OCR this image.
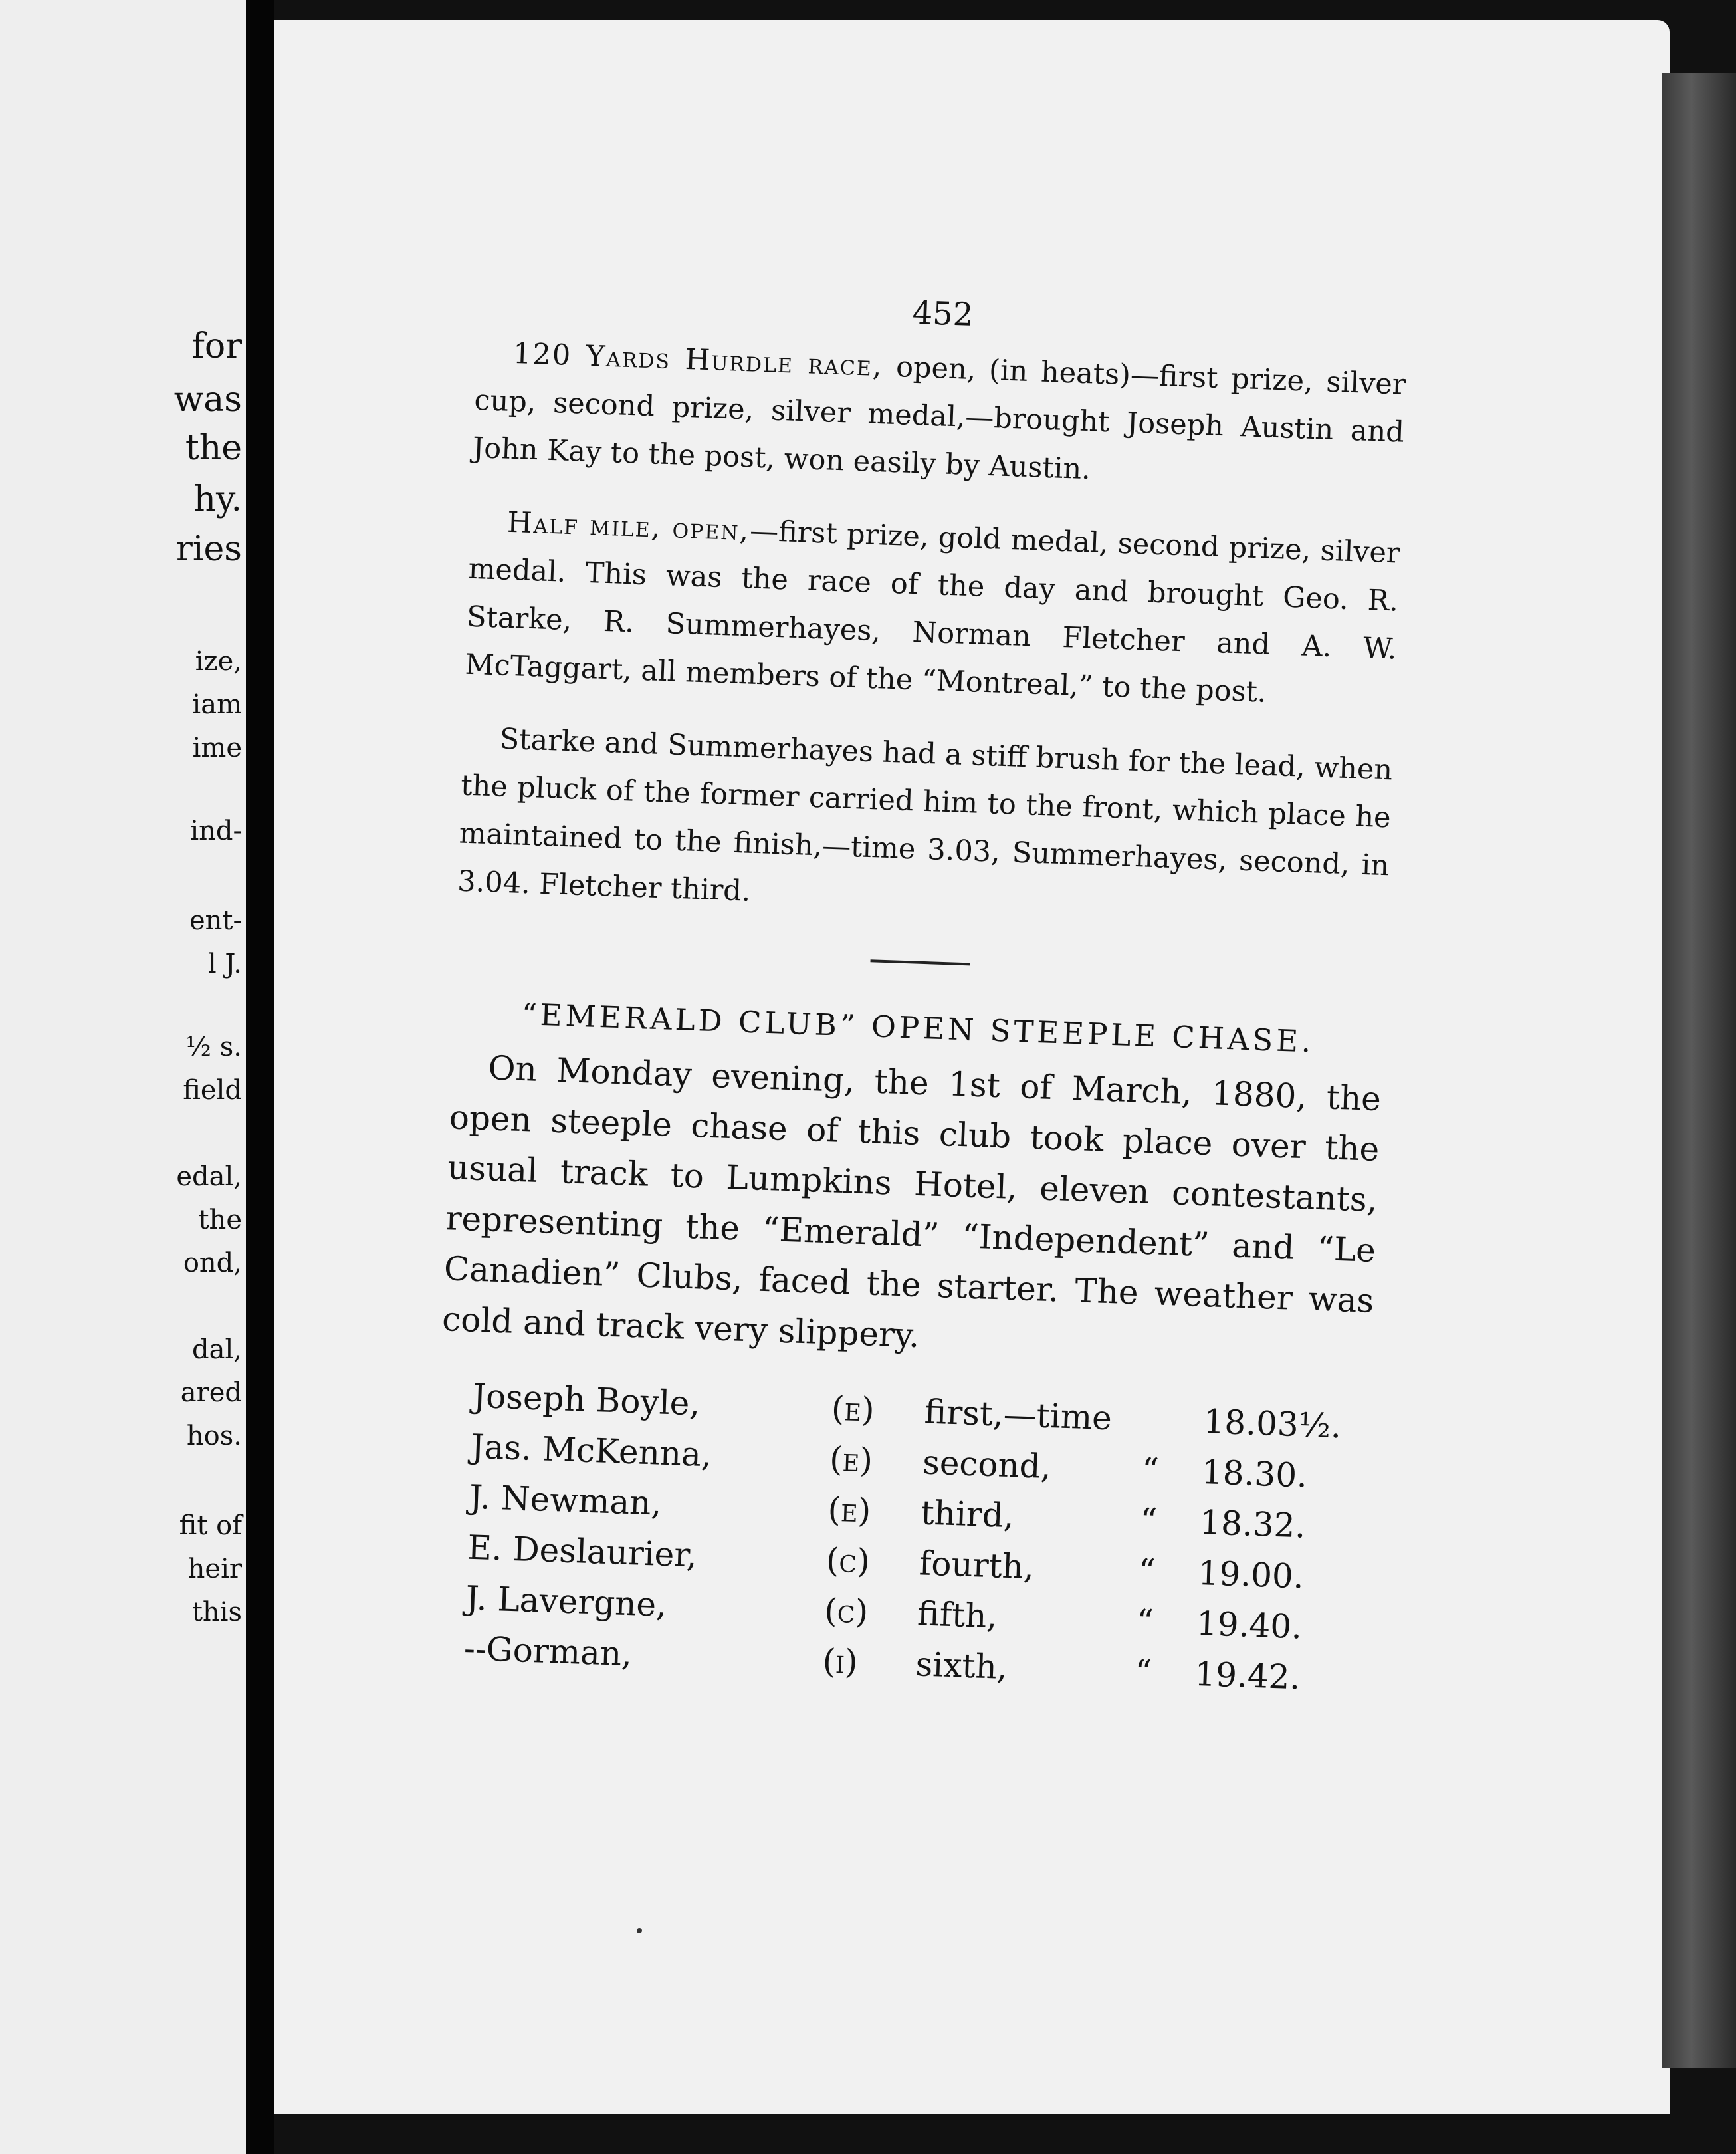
for
was
the
hy.
ries
ize,
iam
ime
ind-
ent-
l J.
½ s.
field
edal,
the
ond,
dal,
ared
hos.
fit of
heir
this
452

120 Yards Hurdle race, open, (in heats)—first prize, silver cup, second prize, silver medal,—brought Joseph Austin and John Kay to the post, won easily by Austin.

Half mile, open,—first prize, gold medal, second prize, silver medal. This was the race of the day and brought Geo. R. Starke, R. Summerhayes, Norman Fletcher and A. W. McTaggart, all members of the “Montreal,” to the post.

Starke and Summerhayes had a stiff brush for the lead, when the pluck of the former carried him to the front, which place he maintained to the finish,—time 3.03, Summerhayes, second, in 3.04. Fletcher third.

“EMERALD CLUB” OPEN STEEPLE CHASE.

On Monday evening, the 1st of March, 1880, the open steeple chase of this club took place over the usual track to Lumpkins Hotel, eleven contestants, representing the “Emerald” “Independent” and “Le Canadien” Clubs, faced the starter. The weather was cold and track very slippery.

Joseph Boyle,	(e)	first,—time		18.03½.
Jas. McKenna,	(e)	second,	“	18.30.
J. Newman,	(e)	third,	“	18.32.
E. Deslaurier,	(c)	fourth,	“	19.00.
J. Lavergne,	(c)	fifth,	“	19.40.
--Gorman,	(i)	sixth,	“	19.42.
